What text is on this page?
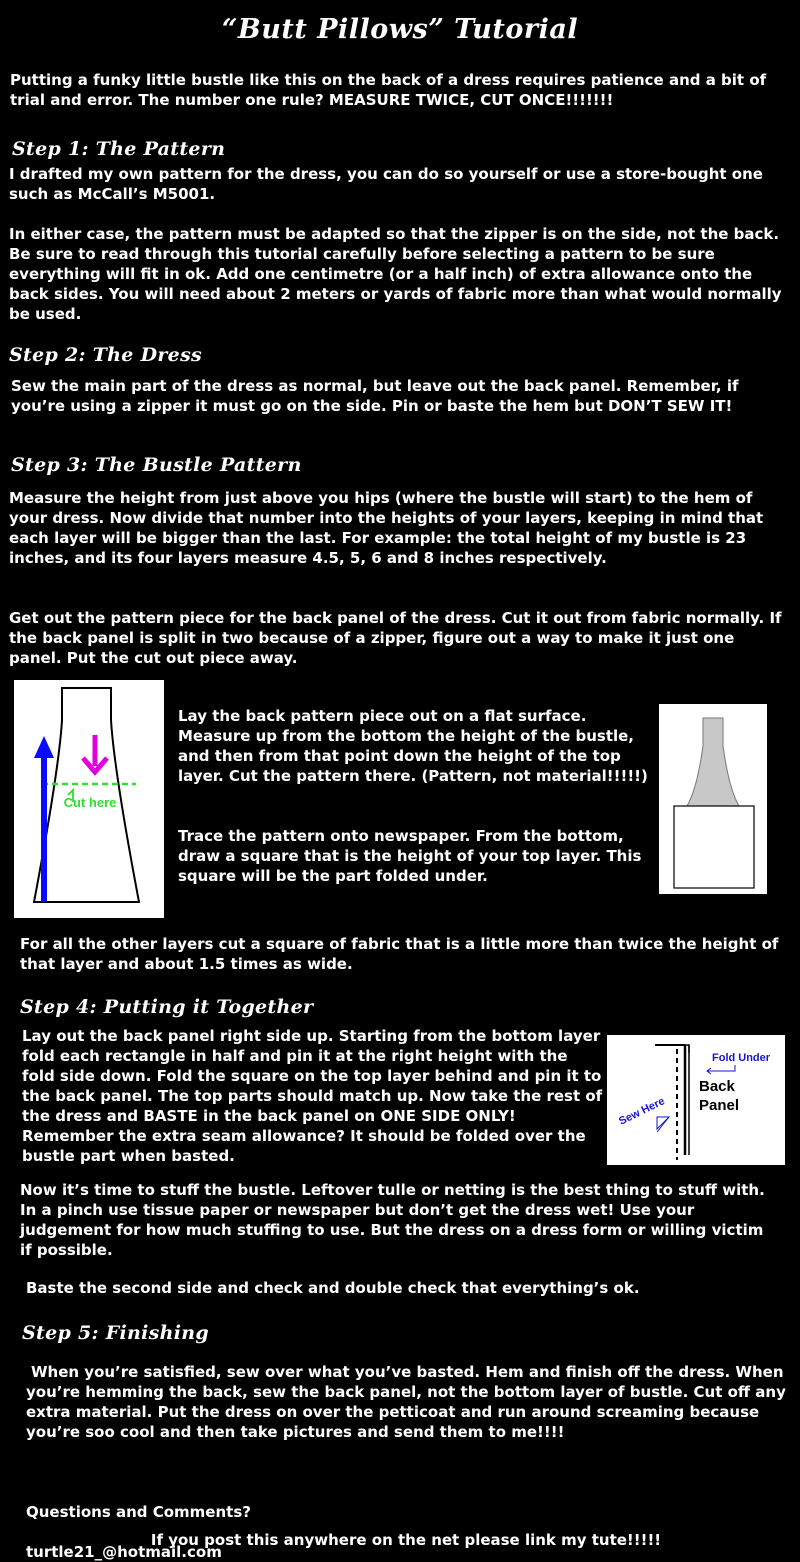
“Butt Pillows” Tutorial
Putting a funky little bustle like this on the back of a dress requires patience and a bit of trial and error. The number one rule? MEASURE TWICE, CUT ONCE!!!!!!!
Step 1: The Pattern
I drafted my own pattern for the dress, you can do so yourself or use a store-bought one such as McCall’s M5001.
In either case, the pattern must be adapted so that the zipper is on the side, not the back. Be sure to read through this tutorial carefully before selecting a pattern to be sure everything will fit in ok. Add one centimetre (or a half inch) of extra allowance onto the back sides. You will need about 2 meters or yards of fabric more than what would normally be used.
Step 2: The Dress
Sew the main part of the dress as normal, but leave out the back panel. Remember, if you’re using a zipper it must go on the side. Pin or baste the hem but DON’T SEW IT!
Step 3: The Bustle Pattern
Measure the height from just above you hips (where the bustle will start) to the hem of your dress. Now divide that number into the heights of your layers, keeping in mind that each layer will be bigger than the last. For example: the total height of my bustle is 23 inches, and its four layers measure 4.5, 5, 6 and 8 inches respectively.
Get out the pattern piece for the back panel of the dress. Cut it out from fabric normally. If the back panel is split in two because of a zipper, figure out a way to make it just one panel. Put the cut out piece away.
Cut here
Lay the back pattern piece out on a flat surface. Measure up from the bottom the height of the bustle, and then from that point down the height of the top layer. Cut the pattern there. (Pattern, not material!!!!!)
Trace the pattern onto newspaper. From the bottom, draw a square that is the height of your top layer. This square will be the part folded under.
For all the other layers cut a square of fabric that is a little more than twice the height of that layer and about 1.5 times as wide.
Step 4: Putting it Together
Lay out the back panel right side up. Starting from the bottom layer fold each rectangle in half and pin it at the right height with the fold side down. Fold the square on the top layer behind and pin it to the back panel. The top parts should match up. Now take the rest of the dress and BASTE in the back panel on ONE SIDE ONLY! Remember the extra seam allowance? It should be folded over the bustle part when basted.
Fold Under
Back Panel
Sew Here
Now it’s time to stuff the bustle. Leftover tulle or netting is the best thing to stuff with. In a pinch use tissue paper or newspaper but don’t get the dress wet! Use your judgement for how much stuffing to use. But the dress on a dress form or willing victim if possible.
Baste the second side and check and double check that everything’s ok.
Step 5: Finishing
When you’re satisfied, sew over what you’ve basted. Hem and finish off the dress. When you’re hemming the back, sew the back panel, not the bottom layer of bustle. Cut off any extra material. Put the dress on over the petticoat and run around screaming because you’re soo cool and then take pictures and send them to me!!!!

Questions and Comments?

turtle21_@hotmail.com

If you post this anywhere on the net please link my tute!!!!!
